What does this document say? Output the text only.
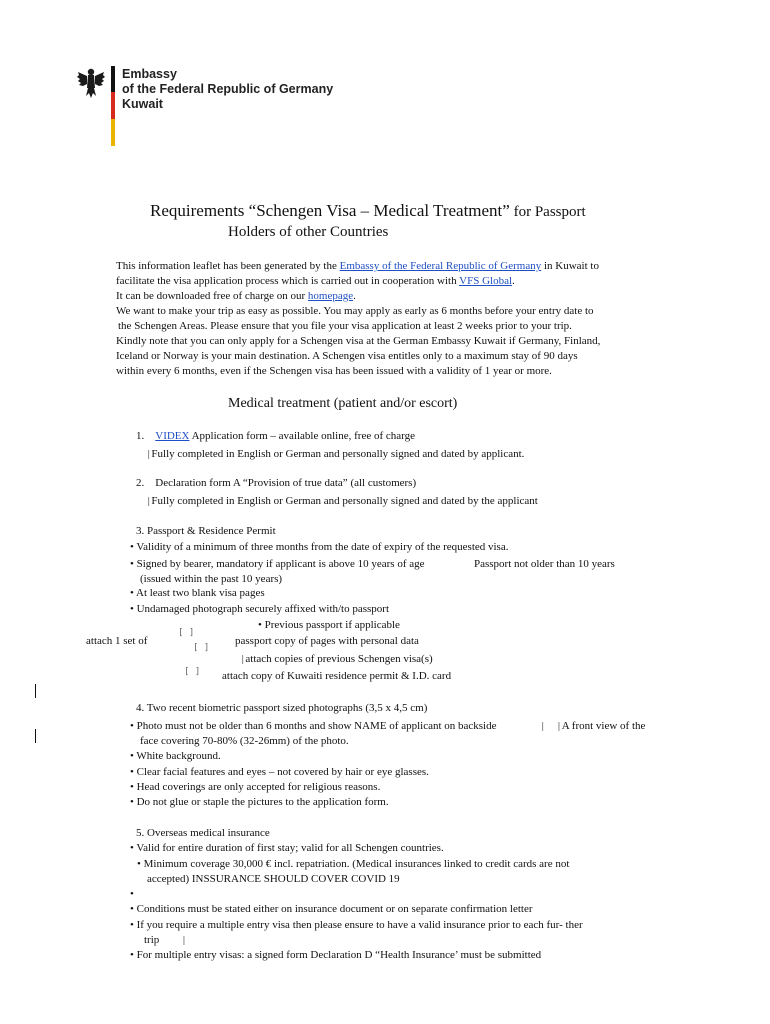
Embassy
of the Federal Republic of Germany
Kuwait
Requirements “Schengen Visa – Medical Treatment” for Passport
Holders of other Countries
This information leaflet has been generated by the Embassy of the Federal Republic of Germany in Kuwait to
facilitate the visa application process which is carried out in cooperation with VFS Global.
It can be downloaded free of charge on our homepage.
We want to make your trip as easy as possible. You may apply as early as 6 months before your entry date to
the Schengen Areas. Please ensure that you file your visa application at least 2 weeks prior to your trip.
Kindly note that you can only apply for a Schengen visa at the German Embassy Kuwait if Germany, Finland,
Iceland or Norway is your main destination. A Schengen visa entitles only to a maximum stay of 90 days
within every 6 months, even if the Schengen visa has been issued with a validity of 1 year or more.
Medical treatment (patient and/or escort)
1. VIDEX Application form – available online, free of charge
|Fully completed in English or German and personally signed and dated by applicant.
2. Declaration form A “Provision of true data” (all customers)
|Fully completed in English or German and personally signed and dated by the applicant
3. Passport & Residence Permit
• Validity of a minimum of three months from the date of expiry of the requested visa.
• Signed by bearer, mandatory if applicant is above 10 years of age	Passport not older than 10 years
(issued within the past 10 years)
• At least two blank visa pages
• Undamaged photograph securely affixed with/to passport
• Previous passport if applicable
attach 1 set of
[ ]
[ ]
[ ]
passport copy of pages with personal data
|attach copies of previous Schengen visa(s)
attach copy of Kuwaiti residence permit & I.D. card
4. Two recent biometric passport sized photographs (3,5 x 4,5 cm)
• Photo must not be older than 6 months and show NAME of applicant on backside	|  |A front view of the
face covering 70-80% (32-26mm) of the photo.
• White background.
• Clear facial features and eyes – not covered by hair or eye glasses.
• Head coverings are only accepted for religious reasons.
• Do not glue or staple the pictures to the application form.
5. Overseas medical insurance
• Valid for entire duration of first stay; valid for all Schengen countries.
• Minimum coverage 30,000 € incl. repatriation. (Medical insurances linked to credit cards are not
accepted) INSSURANCE SHOULD COVER COVID 19
•
• Conditions must be stated either on insurance document or on separate confirmation letter
• If you require a multiple entry visa then please ensure to have a valid insurance prior to each fur- ther
trip |
• For multiple entry visas: a signed form Declaration D “Health Insurance’ must be submitted
